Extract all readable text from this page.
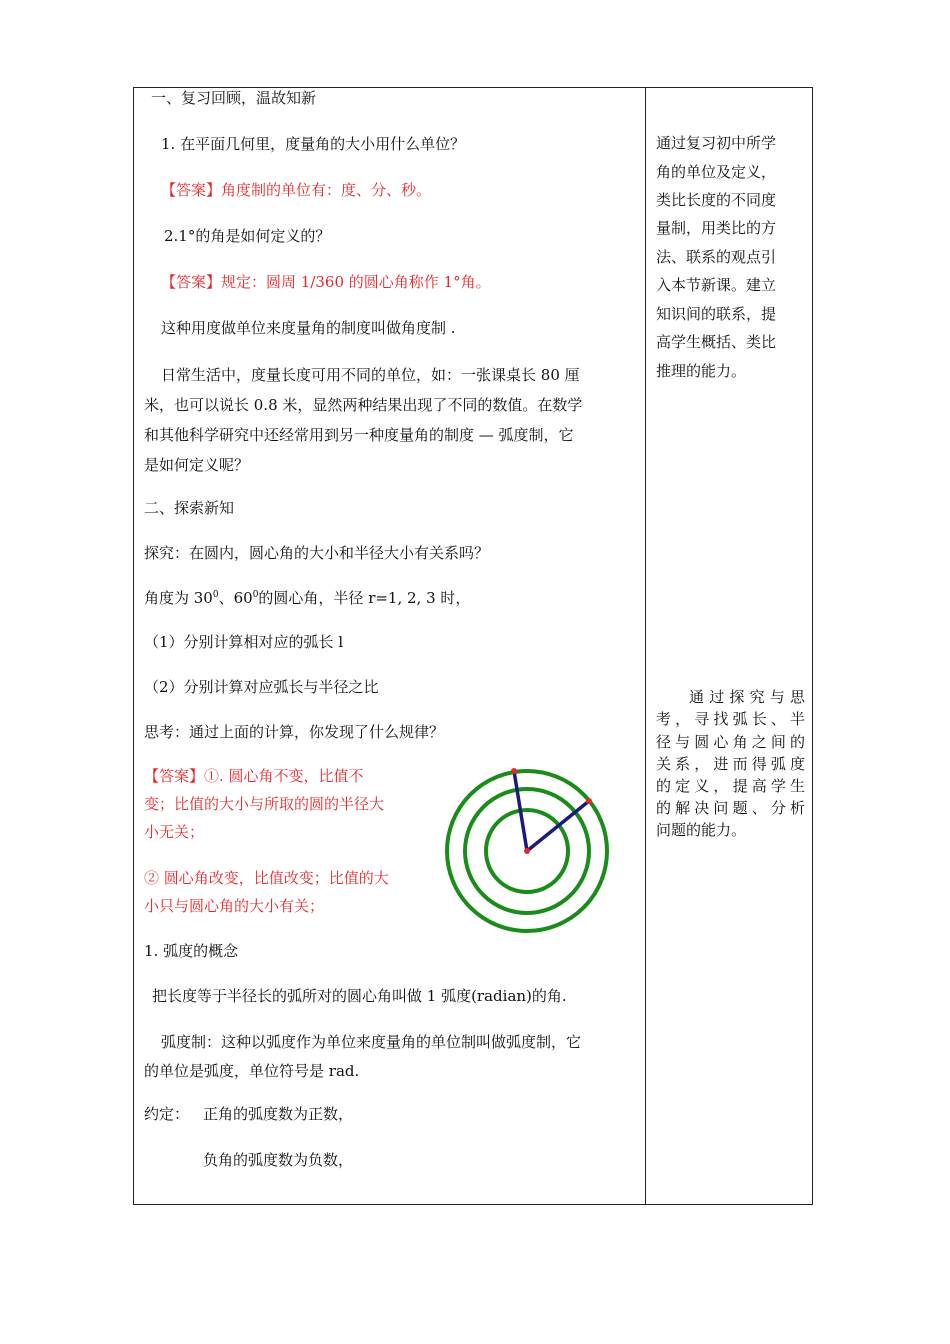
一、复习回顾，温故知新
1. 在平面几何里，度量角的大小用什么单位？
【答案】角度制的单位有：度、分、秒。
2.1°的角是如何定义的？
【答案】规定：圆周 1/360 的圆心角称作 1°角。
这种用度做单位来度量角的制度叫做角度制 .
日常生活中，度量长度可用不同的单位，如：一张课桌长 80 厘
米，也可以说长 0.8 米，显然两种结果出现了不同的数值。在数学
和其他科学研究中还经常用到另一种度量角的制度 — 弧度制，它
是如何定义呢？
二、探索新知
探究：在圆内，圆心角的大小和半径大小有关系吗？
角度为 $30^0$、$60^0$的圆心角，半径 r=1, 2, 3 时，
（1）分别计算相对应的弧长 l
（2）分别计算对应弧长与半径之比
思考：通过上面的计算，你发现了什么规律？
【答案】①. 圆心角不变，比值不
变；比值的大小与所取的圆的半径大
小无关；
② 圆心角改变，比值改变；比值的大
小只与圆心角的大小有关；
1. 弧度的概念
把长度等于半径长的弧所对的圆心角叫做 1 弧度(radian)的角.
弧度制：这种以弧度作为单位来度量角的单位制叫做弧度制，它
的单位是弧度，单位符号是 rad.
约定： 正角的弧度数为正数，
负角的弧度数为负数，
通过复习初中所学
角的单位及定义，
类比长度的不同度
量制，用类比的方
法、联系的观点引
入本节新课。建立
知识间的联系，提
高学生概括、类比
推理的能力。
通过探究与思
考，寻找弧长、半
径与圆心角之间的
关系，进而得弧度
的定义，提高学生
的解决问题、分析
问题的能力。
